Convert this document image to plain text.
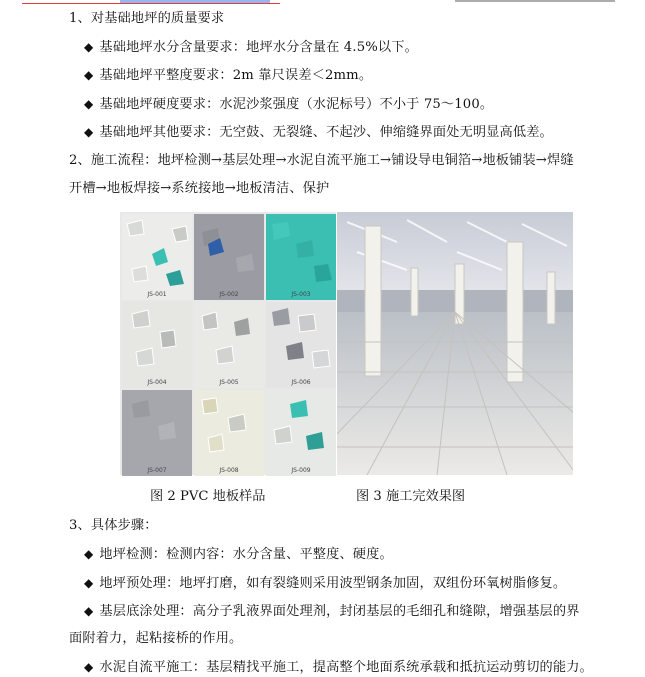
1、对基础地坪的质量要求
◆ 基础地坪水分含量要求：地坪水分含量在 4.5%以下。
◆ 基础地坪平整度要求：2m 靠尺误差＜2mm。
◆ 基础地坪硬度要求：水泥沙浆强度（水泥标号）不小于 75～100。
◆ 基础地坪其他要求：无空鼓、无裂缝、不起沙、伸缩缝界面处无明显高低差。
2、施工流程：地坪检测→基层处理→水泥自流平施工→铺设导电铜箔→地板铺装→焊缝
开槽→地板焊接→系统接地→地板清洁、保护
JS-001	JS-002	JS-003
JS-004	JS-005	JS-006
JS-007	JS-008	JS-009
图 2 PVC 地板样品	图 3 施工完效果图
3、具体步骤：
◆ 地坪检测：检测内容：水分含量、平整度、硬度。
◆ 地坪预处理：地坪打磨，如有裂缝则采用波型钢条加固，双组份环氧树脂修复。
◆ 基层底涂处理：高分子乳液界面处理剂，封闭基层的毛细孔和缝隙，增强基层的界
面附着力，起粘接桥的作用。
◆ 水泥自流平施工：基层精找平施工，提高整个地面系统承载和抵抗运动剪切的能力。
